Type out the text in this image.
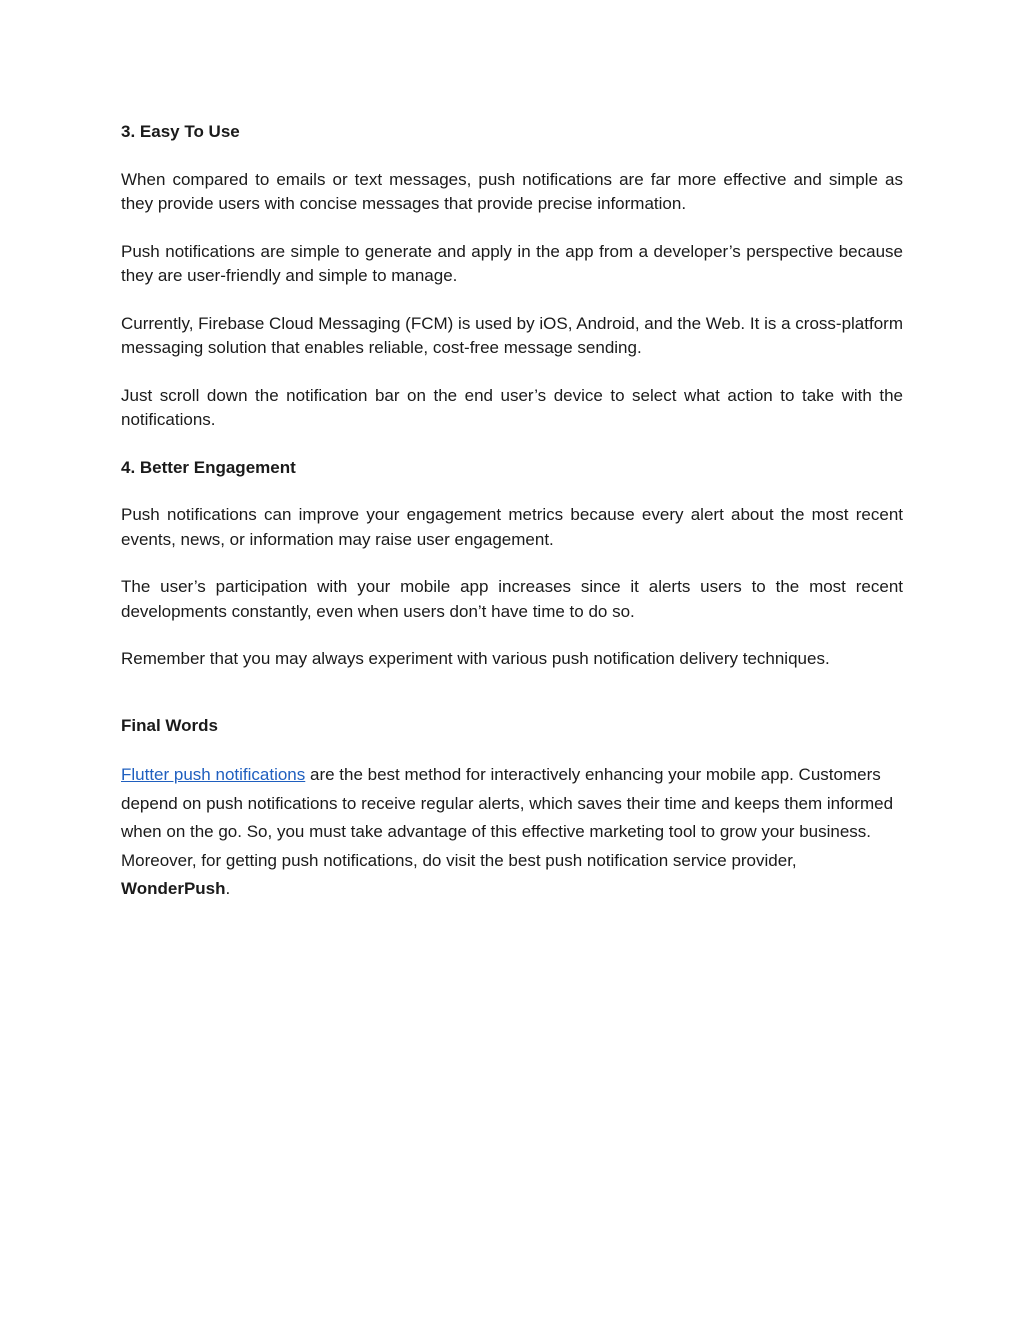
3. Easy To Use

When compared to emails or text messages, push notifications are far more effective and simple as they provide users with concise messages that provide precise information.

Push notifications are simple to generate and apply in the app from a developer’s perspective because they are user-friendly and simple to manage.

Currently, Firebase Cloud Messaging (FCM) is used by iOS, Android, and the Web. It is a cross-platform messaging solution that enables reliable, cost-free message sending.

Just scroll down the notification bar on the end user’s device to select what action to take with the notifications.

4. Better Engagement

Push notifications can improve your engagement metrics because every alert about the most recent events, news, or information may raise user engagement.

The user’s participation with your mobile app increases since it alerts users to the most recent developments constantly, even when users don’t have time to do so.

Remember that you may always experiment with various push notification delivery techniques.

Final Words

Flutter push notifications are the best method for interactively enhancing your mobile app. Customers depend on push notifications to receive regular alerts, which saves their time and keeps them informed when on the go. So, you must take advantage of this effective marketing tool to grow your business. Moreover, for getting push notifications, do visit the best push notification service provider, WonderPush.
